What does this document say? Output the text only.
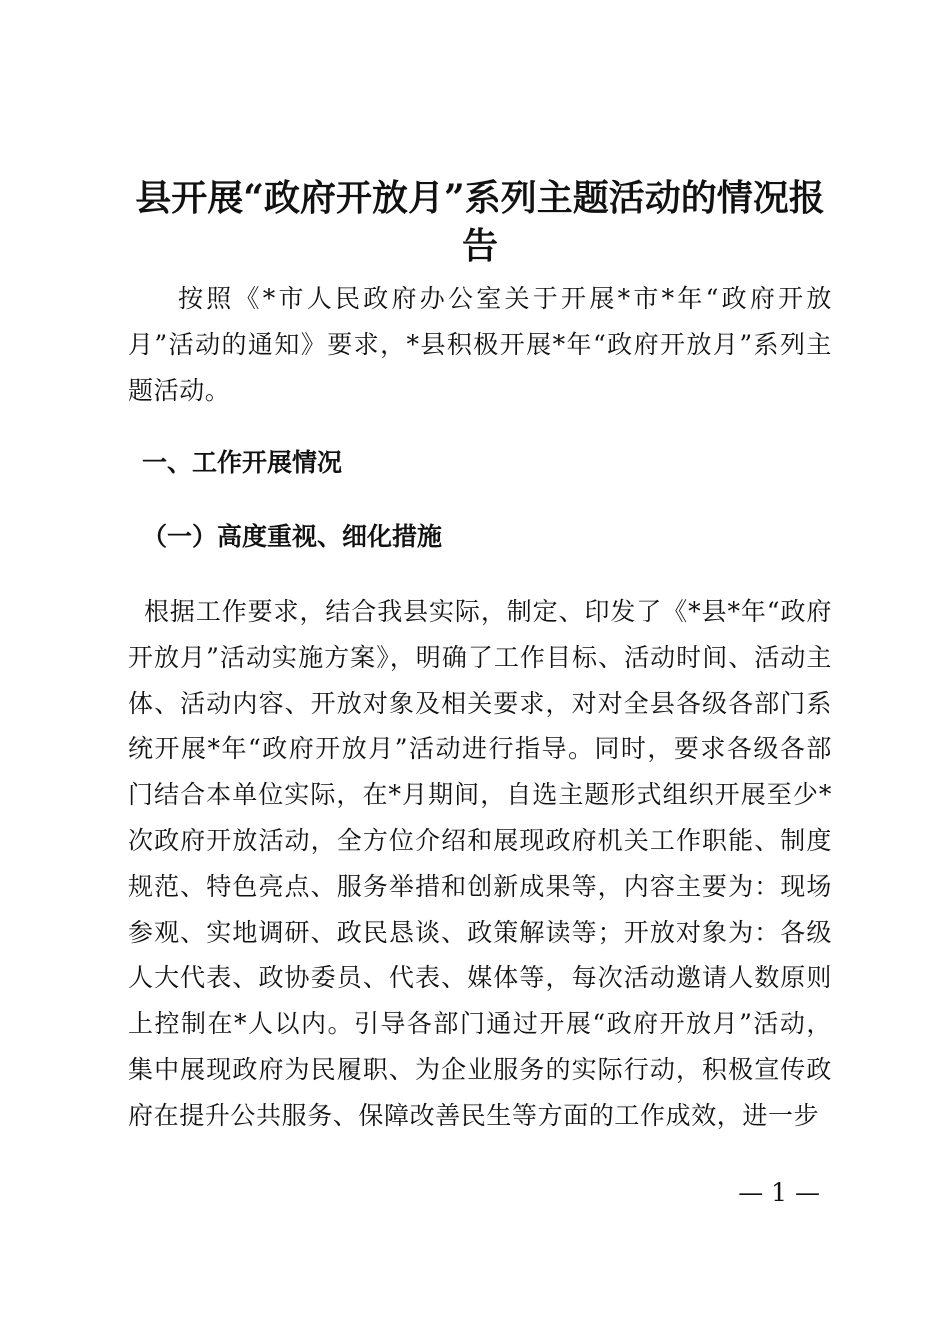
县开展“政府开放月”系列主题活动的情况报告

按照《*市人民政府办公室关于开展*市*年“政府开放月”活动的通知》要求，*县积极开展*年“政府开放月”系列主题活动。

一、工作开展情况
（一）高度重视、细化措施

根据工作要求，结合我县实际，制定、印发了《*县*年“政府开放月”活动实施方案》，明确了工作目标、活动时间、活动主体、活动内容、开放对象及相关要求，对对全县各级各部门系统开展*年“政府开放月”活动进行指导。同时，要求各级各部门结合本单位实际，在*月期间，自选主题形式组织开展至少*次政府开放活动，全方位介绍和展现政府机关工作职能、制度规范、特色亮点、服务举措和创新成果等，内容主要为：现场参观、实地调研、政民恳谈、政策解读等；开放对象为：各级人大代表、政协委员、代表、媒体等，每次活动邀请人数原则上控制在*人以内。引导各部门通过开展“政府开放月”活动，集中展现政府为民履职、为企业服务的实际行动，积极宣传政府在提升公共服务、保障改善民生等方面的工作成效，进一步

— 1 —
